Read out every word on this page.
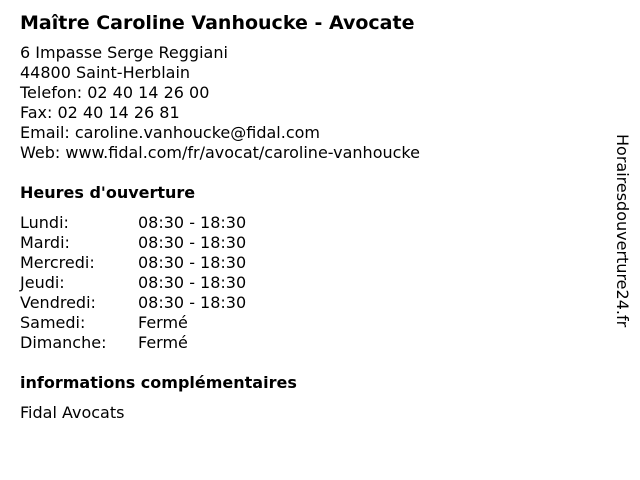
Maître Caroline Vanhoucke - Avocate
6 Impasse Serge Reggiani
44800 Saint-Herblain
Telefon: 02 40 14 26 00
Fax: 02 40 14 26 81
Email: caroline.vanhoucke@fidal.com
Web: www.fidal.com/fr/avocat/caroline-vanhoucke
Heures d'ouverture
Lundi:	08:30 - 18:30
Mardi:	08:30 - 18:30
Mercredi:	08:30 - 18:30
Jeudi:	08:30 - 18:30
Vendredi:	08:30 - 18:30
Samedi:	Fermé
Dimanche: Fermé
informations complémentaires
Fidal Avocats
Horairesdouverture24.fr
